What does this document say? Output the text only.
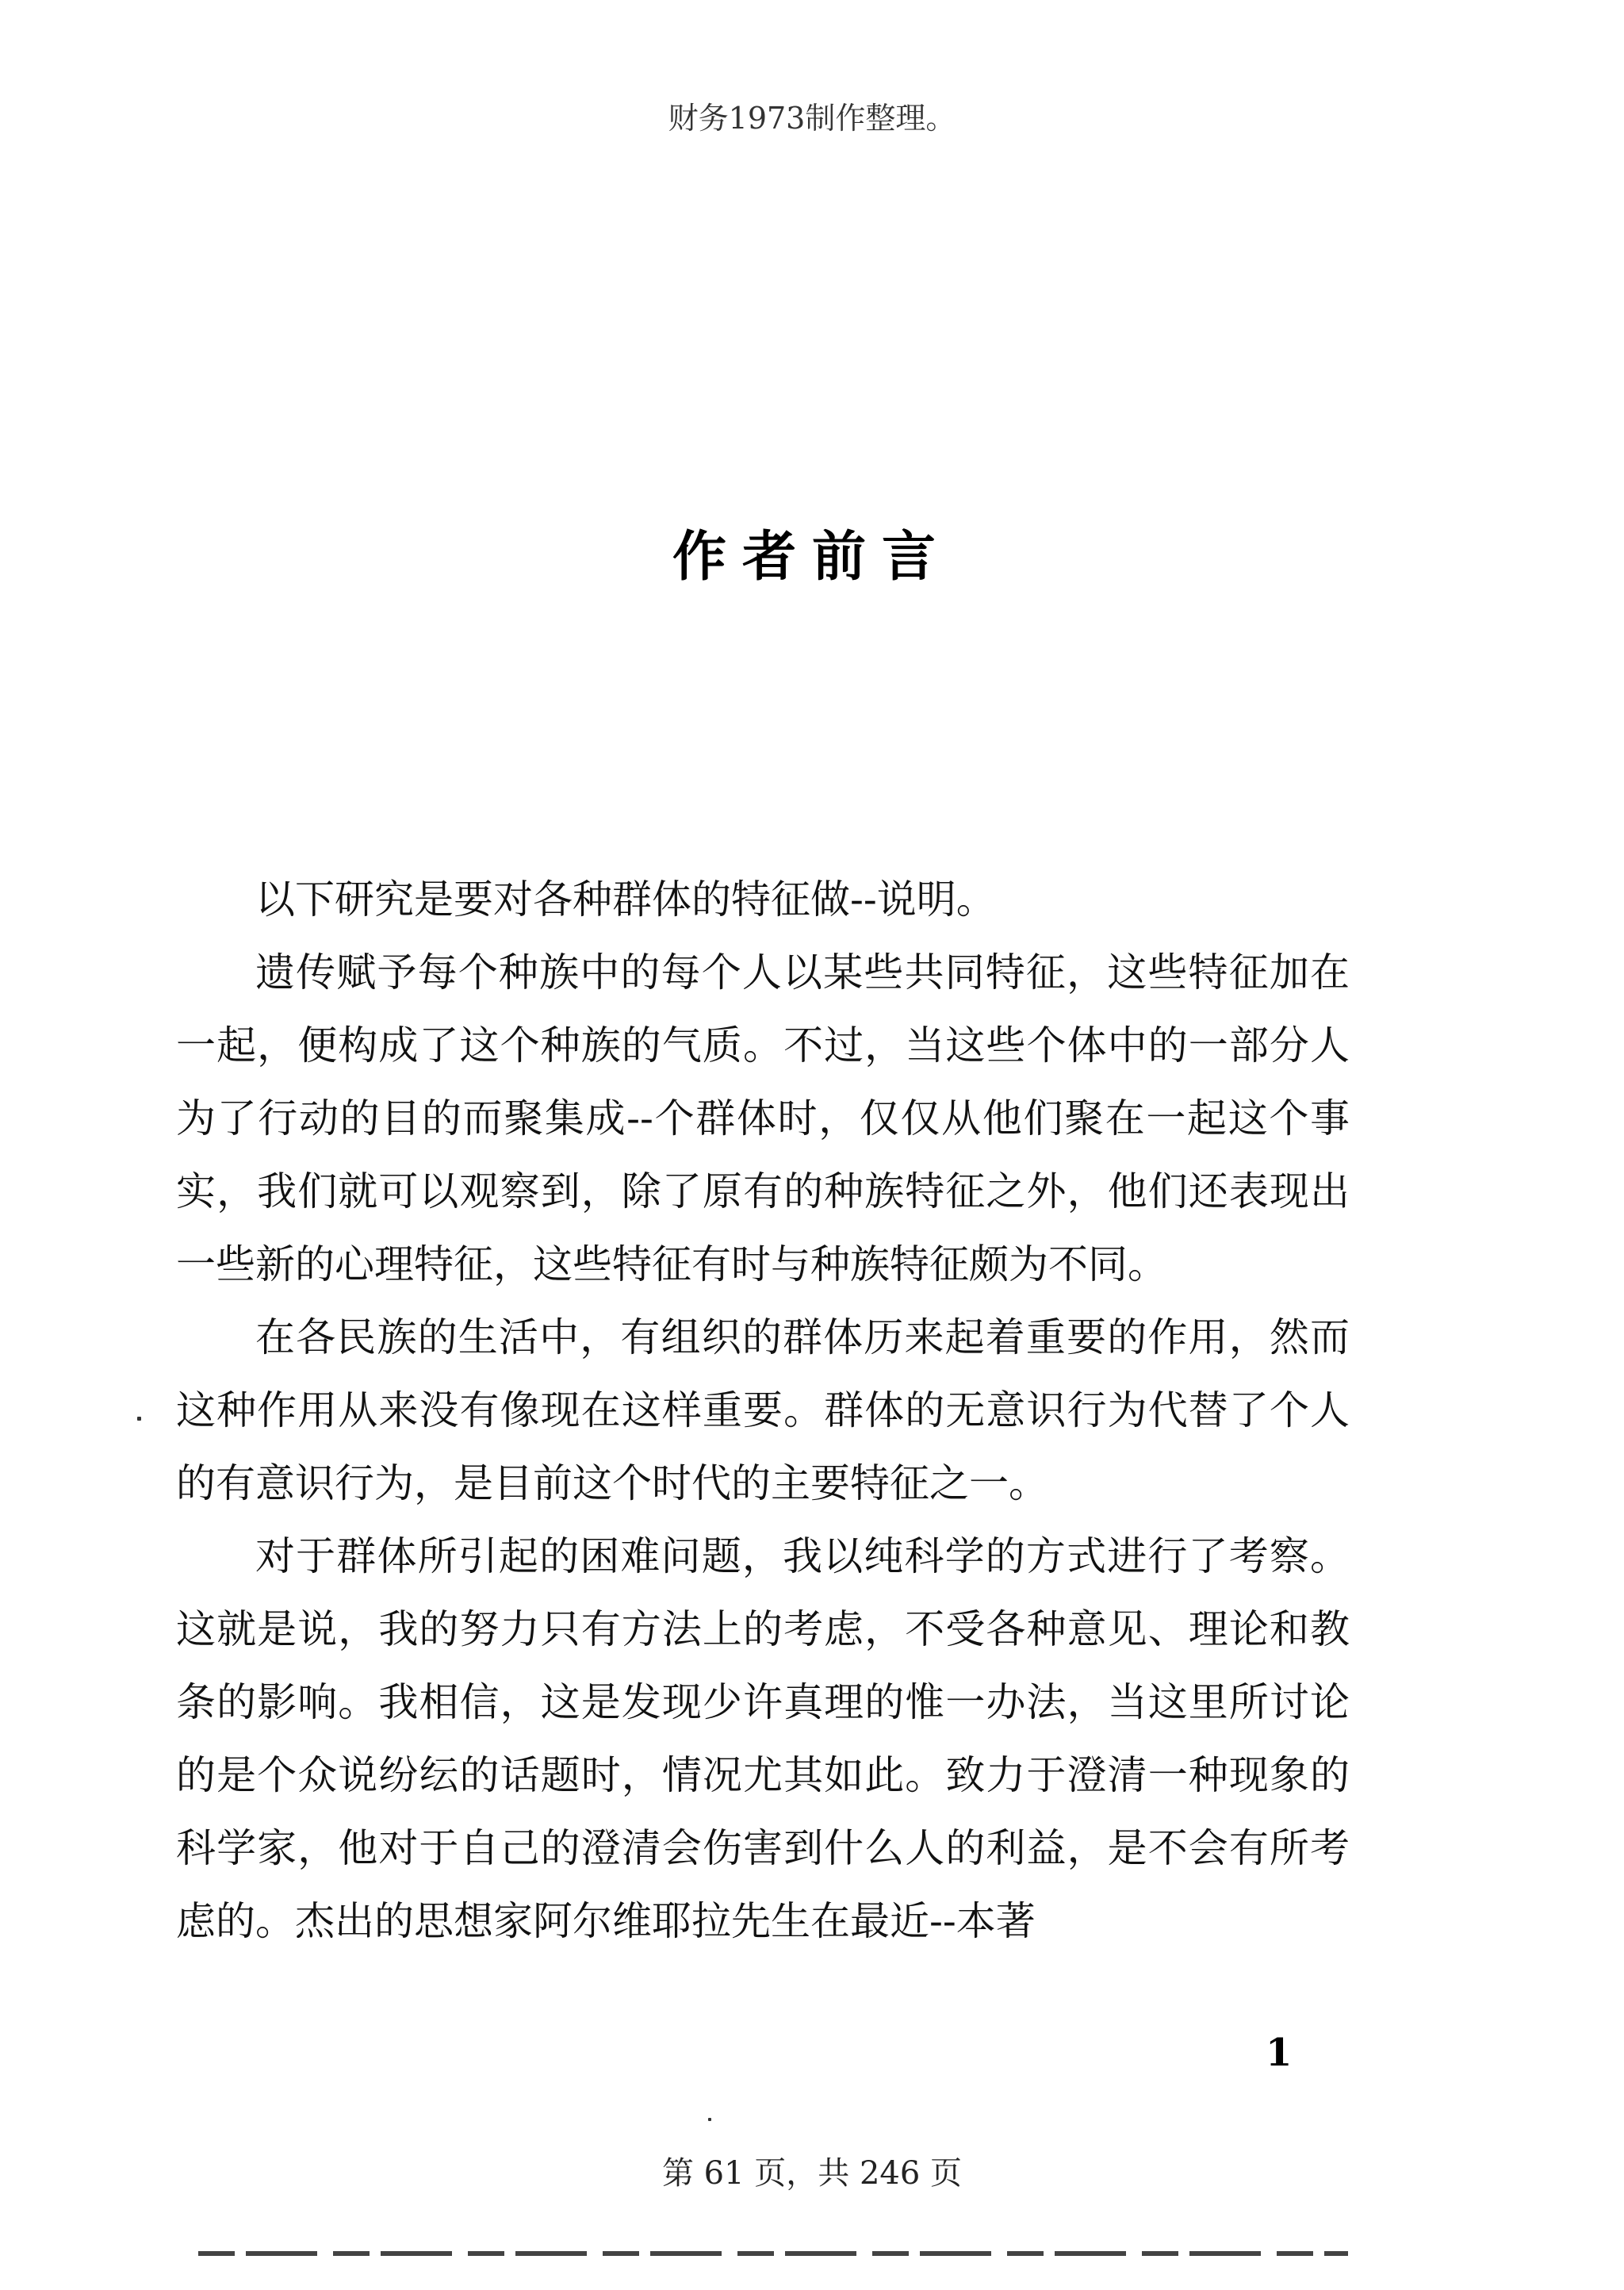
财务1973制作整理。
作者前言

以下研究是要对各种群体的特征做--说明。

遗传赋予每个种族中的每个人以某些共同特征，这些特征加在一起，便构成了这个种族的气质。不过，当这些个体中的一部分人为了行动的目的而聚集成--个群体时，仅仅从他们聚在一起这个事实，我们就可以观察到，除了原有的种族特征之外，他们还表现出一些新的心理特征，这些特征有时与种族特征颇为不同。

在各民族的生活中，有组织的群体历来起着重要的作用，然而这种作用从来没有像现在这样重要。群体的无意识行为代替了个人的有意识行为，是目前这个时代的主要特征之一。

对于群体所引起的困难问题，我以纯科学的方式进行了考察。这就是说，我的努力只有方法上的考虑，不受各种意见、理论和教条的影响。我相信，这是发现少许真理的惟一办法，当这里所讨论的是个众说纷纭的话题时，情况尤其如此。致力于澄清一种现象的科学家，他对于自己的澄清会伤害到什么人的利益，是不会有所考虑的。杰出的思想家阿尔维耶拉先生在最近--本著

1
第 61 页，共 246 页
